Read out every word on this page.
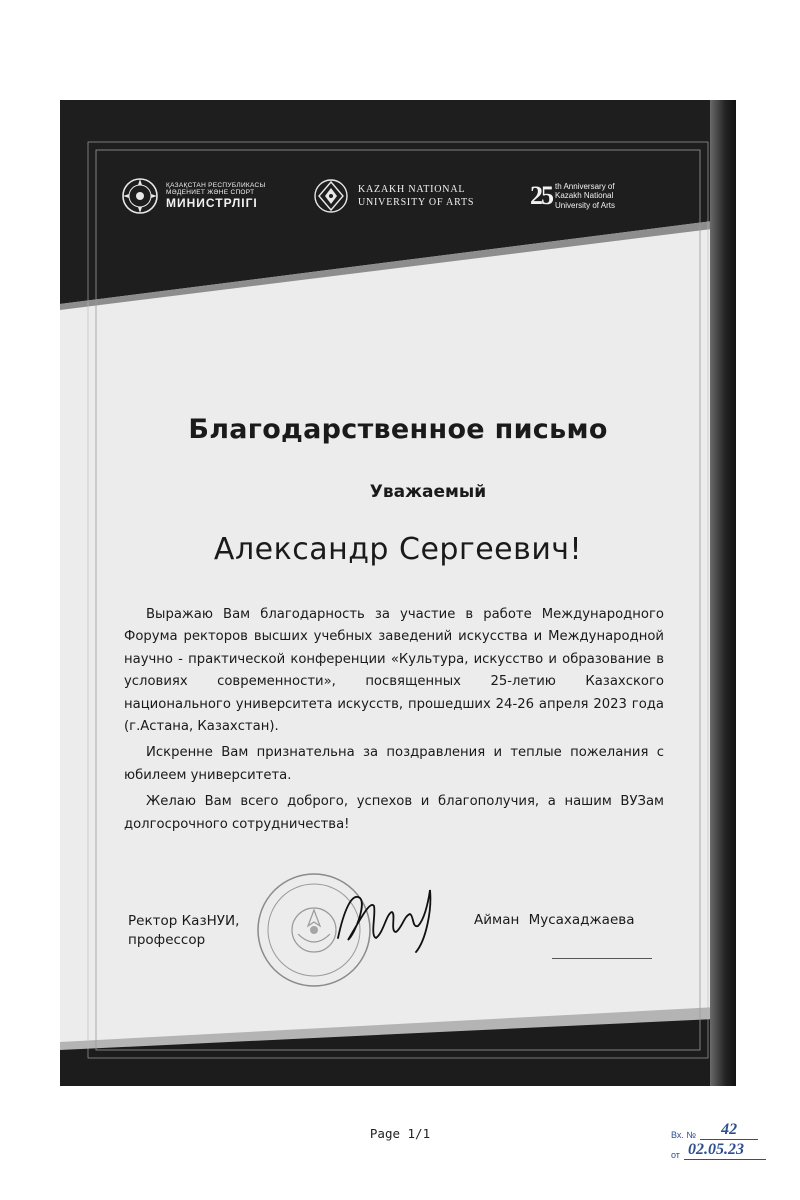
ҚАЗАҚСТАН РЕСПУБЛИКАСЫ
МӘДЕНИЕТ ЖӘНЕ СПОРТ
МИНИСТРЛІГІ
KAZAKH NATIONAL
UNIVERSITY OF ARTS 25 th Anniversary of
Kazakh National
University of Arts
Благодарственное письмо
Уважаемый
Александр Сергеевич!

Выражаю Вам благодарность за участие в работе Международного Форума ректоров высших учебных заведений искусства и Международной научно - практической конференции «Культура, искусство и образование в условиях современности», посвященных 25-летию Казахского национального университета искусств, прошедших 24-26 апреля 2023 года (г.Астана, Казахстан).

Искренне Вам признательна за поздравления и теплые пожелания с юбилеем университета.

Желаю Вам всего доброго, успехов и благополучия, а нашим ВУЗам долгосрочного сотрудничества!

Ректор КазНУИ,
профессор
Айман Мусахаджаева
Page 1/1	Вх. №	42
от 02.05.23
